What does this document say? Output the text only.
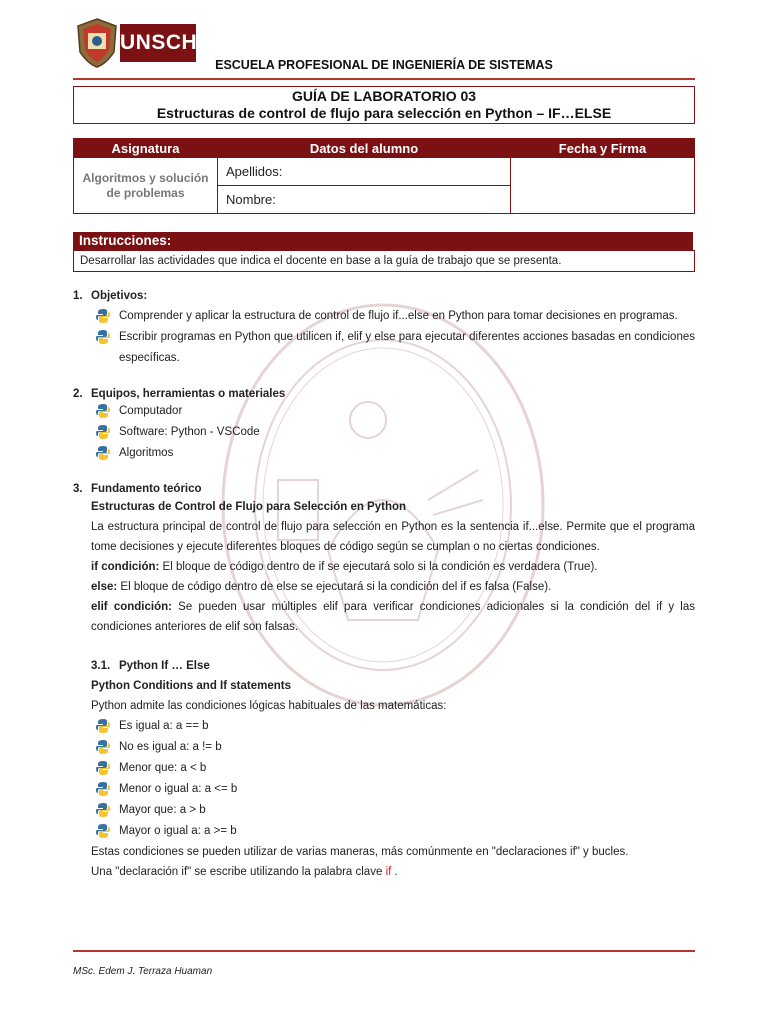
UNSCH
ESCUELA PROFESIONAL DE INGENIERÍA DE SISTEMAS
GUÍA DE LABORATORIO 03
Estructuras de control de flujo para selección en Python – IF…ELSE
Asignatura	Datos del alumno	Fecha y Firma
Algoritmos y solución de problemas	Apellidos:	
	Nombre:	
Instrucciones:
Desarrollar las actividades que indica el docente en base a la guía de trabajo que se presenta.
1. Objetivos:

Comprender y aplicar la estructura de control de flujo if...else en Python para tomar decisiones en programas.

Escribir programas en Python que utilicen if, elif y else para ejecutar diferentes acciones basadas en condiciones específicas.

2. Equipos, herramientas o materiales

Computador

Software: Python - VSCode

Algoritmos

3. Fundamento teórico

Estructuras de Control de Flujo para Selección en Python

La estructura principal de control de flujo para selección en Python es la sentencia if...else. Permite que el programa tome decisiones y ejecute diferentes bloques de código según se cumplan o no ciertas condiciones.

if condición: El bloque de código dentro de if se ejecutará solo si la condición es verdadera (True).

else: El bloque de código dentro de else se ejecutará si la condición del if es falsa (False).

elif condición: Se pueden usar múltiples elif para verificar condiciones adicionales si la condición del if y las condiciones anteriores de elif son falsas.

3.1. Python If … Else

Python Conditions and If statements

Python admite las condiciones lógicas habituales de las matemáticas:

Es igual a: a == b

No es igual a: a != b

Menor que: a < b

Menor o igual a: a <= b

Mayor que: a > b

Mayor o igual a: a >= b

Estas condiciones se pueden utilizar de varias maneras, más comúnmente en "declaraciones if" y bucles.

Una "declaración if" se escribe utilizando la palabra clave if .

MSc. Edem J. Terraza Huaman
